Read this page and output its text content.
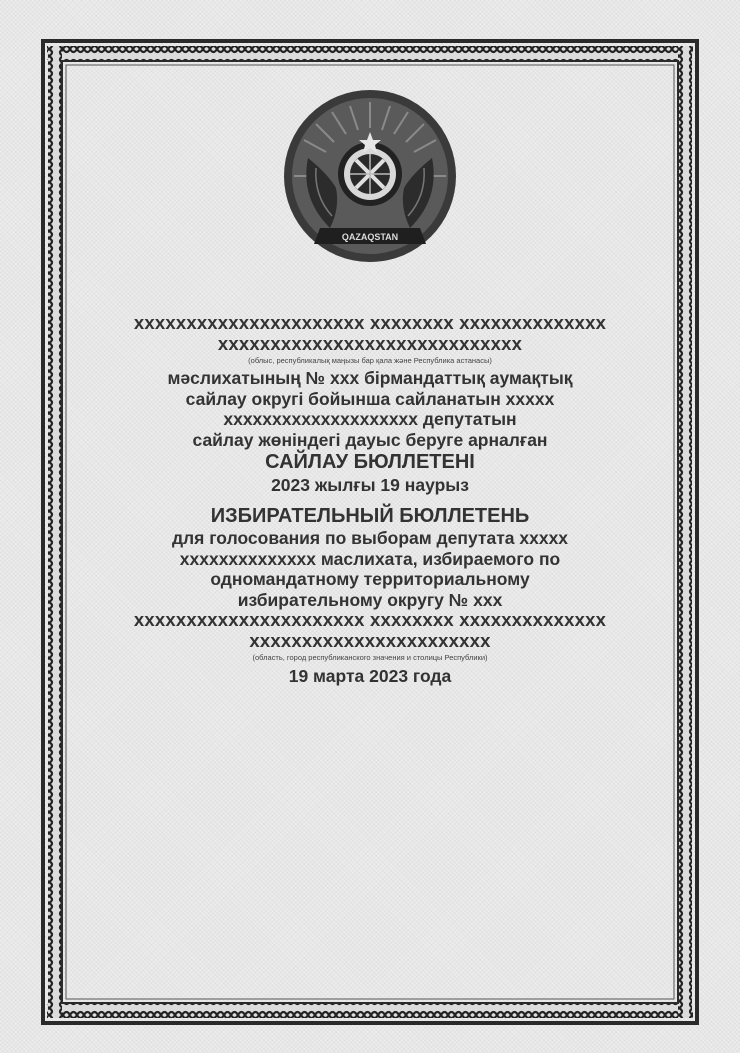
QAZAQSTAN
xxxxxxxxxxxxxxxxxxxxxx xxxxxxxx xxxxxxxxxxxxxx
xxxxxxxxxxxxxxxxxxxxxxxxxxxxx
(облыс, республикалық маңызы бар қала және Республика астанасы)
мәслихатының № ххх бірмандаттық аумақтық
сайлау округі бойынша сайланатын ххххх
хххххххххххххххххххх депутатын
сайлау жөніндегі дауыс беруге арналған
САЙЛАУ БЮЛЛЕТЕНІ
2023 жылғы 19 наурыз
ИЗБИРАТЕЛЬНЫЙ БЮЛЛЕТЕНЬ
для голосования по выборам депутата ххххх
хххххххххххххх маслихата, избираемого по
одномандатному территориальному
избирательному округу № ххх
xxxxxxxxxxxxxxxxxxxxxx xxxxxxxx xxxxxxxxxxxxxx
xxxxxxxxxxxxxxxxxxxxxxx
(область, город республиканского значения и столицы Республики)
19 марта 2023 года
